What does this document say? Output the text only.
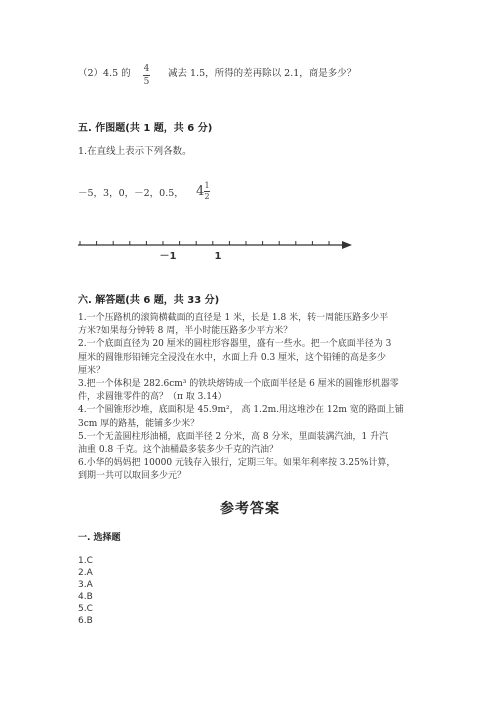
（2）4.5 的 4
5
减去 1.5，所得的差再除以 2.1，商是多少？
五. 作图题(共 1 题，共 6 分)
1.在直线上表示下列各数。
－5，3，0，－2，0.5， 4 1
2
－1	1
六. 解答题(共 6 题，共 33 分)
1.一个压路机的滚筒横截面的直径是 1 米，长是 1.8 米，转一周能压路多少平
方米?如果每分钟转 8 周，半小时能压路多少平方米？
2.一个底面直径为 20 厘米的圆柱形容器里，盛有一些水。把一个底面半径为 3
厘米的圆锥形铅锤完全浸没在水中，水面上升 0.3 厘米，这个铅锤的高是多少
厘米？
3.把一个体积是 282.6cm³ 的铁块熔铸成一个底面半径是 6 厘米的圆锥形机器零
件，求圆锥零件的高？（π 取 3.14）
4.一个圆锥形沙堆，底面积是 45.9m²， 高 1.2m.用这堆沙在 12m 宽的路面上铺
3cm 厚的路基，能铺多少米？
5.一个无盖圆柱形油桶，底面半径 2 分米，高 8 分米，里面装满汽油，1 升汽
油重 0.8 千克。这个油桶最多装多少千克的汽油？
6.小华的妈妈把 10000 元钱存入银行，定期三年。如果年利率按 3.25%计算，
到期一共可以取回多少元？
参考答案
一. 选择题
1.C
2.A
3.A
4.B
5.C
6.B
